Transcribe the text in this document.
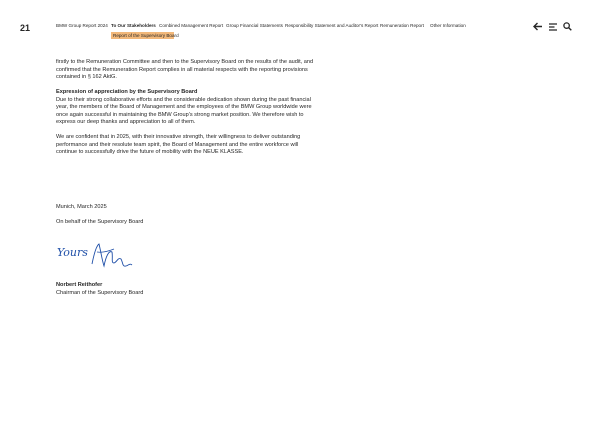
21	BMW Group Report 2024 To Our Stakeholders Combined Management Report Group Financial Statements Responsibility Statement and Auditor's Report Remuneration Report	Other Information
Report of the Supervisory Board

firstly to the Remuneration Committee and then to the Supervisory Board on the results of the audit, and confirmed that the Remuneration Report complies in all material respects with the reporting provisions contained in § 162 AktG.

Expression of appreciation by the Supervisory Board
Due to their strong collaborative efforts and the considerable dedication shown during the past financial year, the members of the Board of Management and the employees of the BMW Group worldwide were once again successful in maintaining the BMW Group's strong market position. We therefore wish to express our deep thanks and appreciation to all of them.

We are confident that in 2025, with their innovative strength, their willingness to deliver outstanding performance and their resolute team spirit, the Board of Management and the entire workforce will continue to successfully drive the future of mobility with the NEUE KLASSE.

Munich, March 2025
On behalf of the Supervisory Board
Yours
Norbert Reithofer
Chairman of the Supervisory Board
